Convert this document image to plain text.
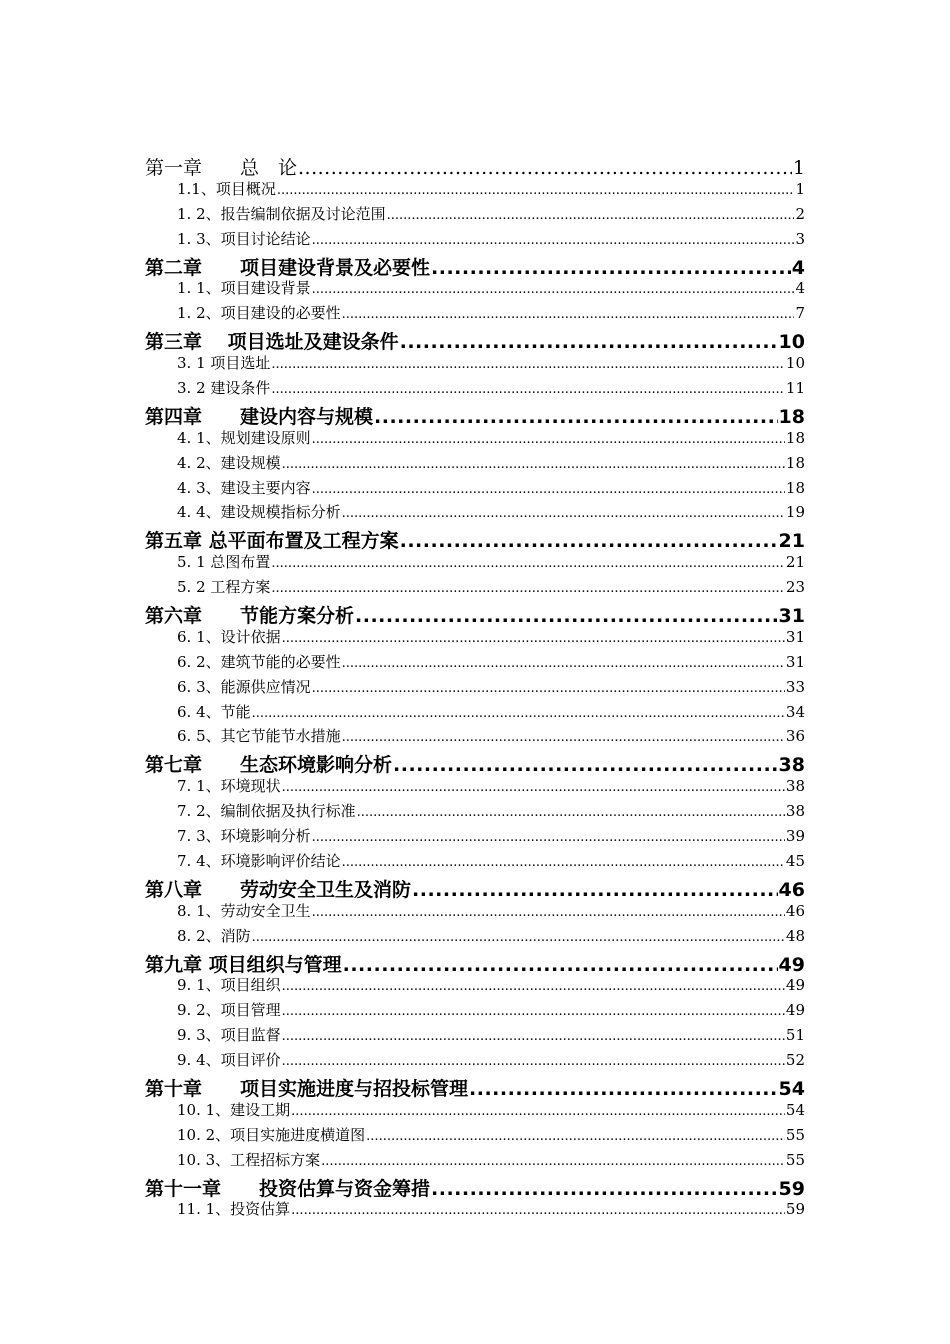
第一章　　总　论 .....	1
1.1、项目概况 .....	1
1. 2、报告编制依据及讨论范围 .....	2
1. 3、项目讨论结论 .....	3
第二章　　项目建设背景及必要性 .....	4
1. 1、项目建设背景 .....	4
1. 2、项目建设的必要性 .....	7
第三章　 项目选址及建设条件 .....	10
3. 1 项目选址 .....	10
3. 2 建设条件 .....	11
第四章　　建设内容与规模 .....	18
4. 1、规划建设原则 .....	18
4. 2、建设规模 .....	18
4. 3、建设主要内容 .....	18
4. 4、建设规模指标分析 .....	19
第五章 总平面布置及工程方案 .....	21
5. 1 总图布置 .....	21
5. 2 工程方案 .....	23
第六章　　节能方案分析 .....	31
6. 1、设计依据 .....	31
6. 2、建筑节能的必要性 .....	31
6. 3、能源供应情况 .....	33
6. 4、节能 .....	34
6. 5、其它节能节水措施 .....	36
第七章　　生态环境影响分析 .....	38
7. 1、环境现状 .....	38
7. 2、编制依据及执行标准 .....	38
7. 3、环境影响分析 .....	39
7. 4、环境影响评价结论 .....	45
第八章　　劳动安全卫生及消防 .....	46
8. 1、劳动安全卫生 .....	46
8. 2、消防 .....	48
第九章 项目组织与管理 .....	49
9. 1、项目组织 .....	49
9. 2、项目管理 .....	49
9. 3、项目监督 .....	51
9. 4、项目评价 .....	52
第十章　　项目实施进度与招投标管理 .....	54
10. 1、建设工期 .....	54
10. 2、项目实施进度横道图 .....	55
10. 3、工程招标方案 .....	55
第十一章　　投资估算与资金筹措 .....	59
11. 1、投资估算 .....	59
